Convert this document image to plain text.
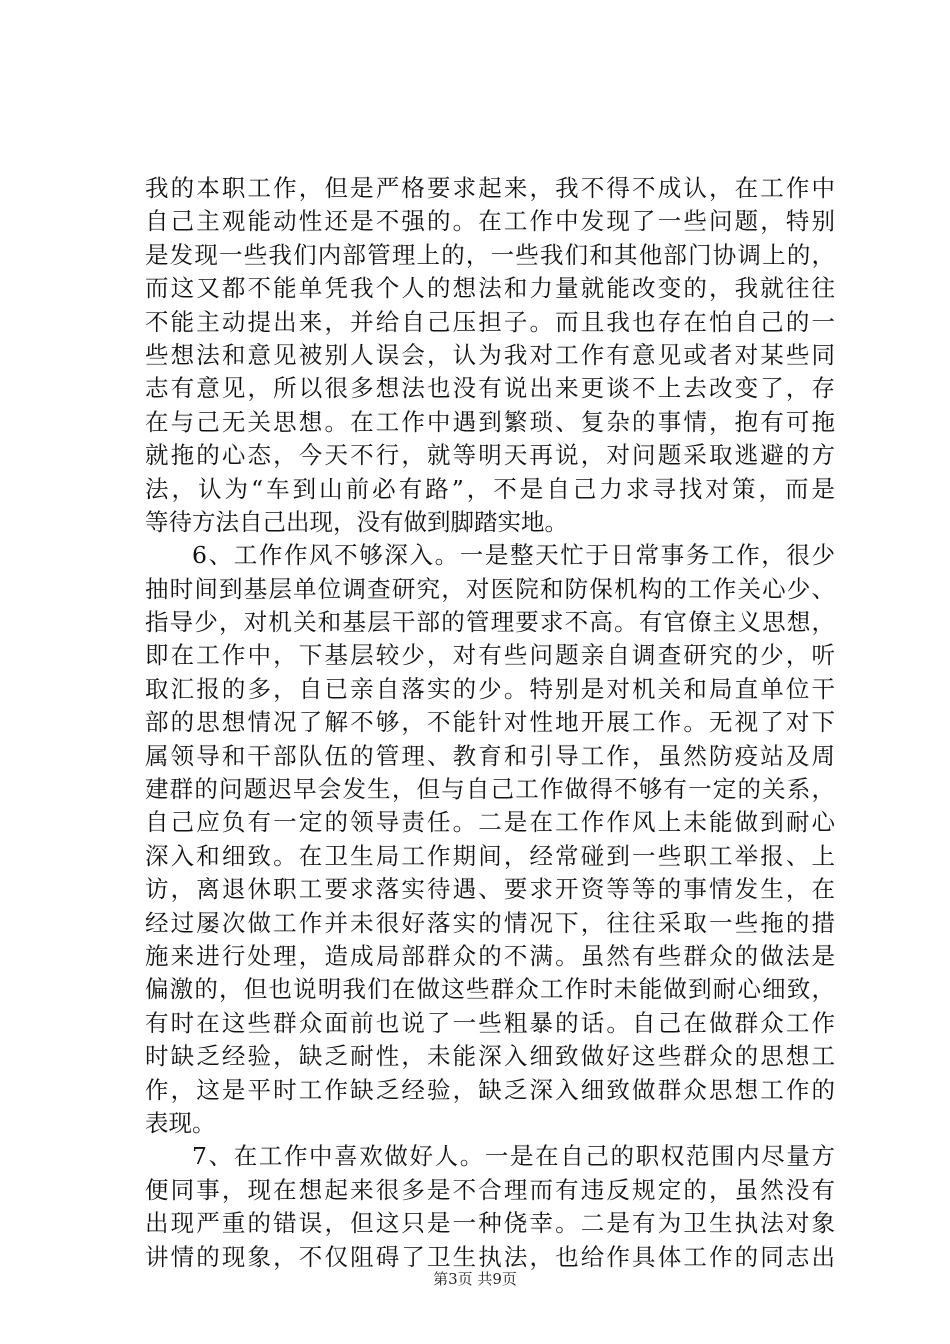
我的本职工作，但是严格要求起来，我不得不成认，在工作中
自己主观能动性还是不强的。在工作中发现了一些问题，特别
是发现一些我们内部管理上的，一些我们和其他部门协调上的，
而这又都不能单凭我个人的想法和力量就能改变的，我就往往
不能主动提出来，并给自己压担子。而且我也存在怕自己的一
些想法和意见被别人误会，认为我对工作有意见或者对某些同
志有意见，所以很多想法也没有说出来更谈不上去改变了，存
在与己无关思想。在工作中遇到繁琐、复杂的事情，抱有可拖
就拖的心态，今天不行，就等明天再说，对问题采取逃避的方
法，认为“车到山前必有路”，不是自己力求寻找对策，而是
等待方法自己出现，没有做到脚踏实地。
6、工作作风不够深入。一是整天忙于日常事务工作，很少
抽时间到基层单位调查研究，对医院和防保机构的工作关心少、
指导少，对机关和基层干部的管理要求不高。有官僚主义思想，
即在工作中，下基层较少，对有些问题亲自调查研究的少，听
取汇报的多，自已亲自落实的少。特别是对机关和局直单位干
部的思想情况了解不够，不能针对性地开展工作。无视了对下
属领导和干部队伍的管理、教育和引导工作，虽然防疫站及周
建群的问题迟早会发生，但与自己工作做得不够有一定的关系，
自己应负有一定的领导责任。二是在工作作风上未能做到耐心
深入和细致。在卫生局工作期间，经常碰到一些职工举报、上
访，离退休职工要求落实待遇、要求开资等等的事情发生，在
经过屡次做工作并未很好落实的情况下，往往采取一些拖的措
施来进行处理，造成局部群众的不满。虽然有些群众的做法是
偏激的，但也说明我们在做这些群众工作时未能做到耐心细致，
有时在这些群众面前也说了一些粗暴的话。自己在做群众工作
时缺乏经验，缺乏耐性，未能深入细致做好这些群众的思想工
作，这是平时工作缺乏经验，缺乏深入细致做群众思想工作的
表现。
7、在工作中喜欢做好人。一是在自己的职权范围内尽量方
便同事，现在想起来很多是不合理而有违反规定的，虽然没有
出现严重的错误，但这只是一种侥幸。二是有为卫生执法对象
讲情的现象，不仅阻碍了卫生执法，也给作具体工作的同志出
第3页 共9页
